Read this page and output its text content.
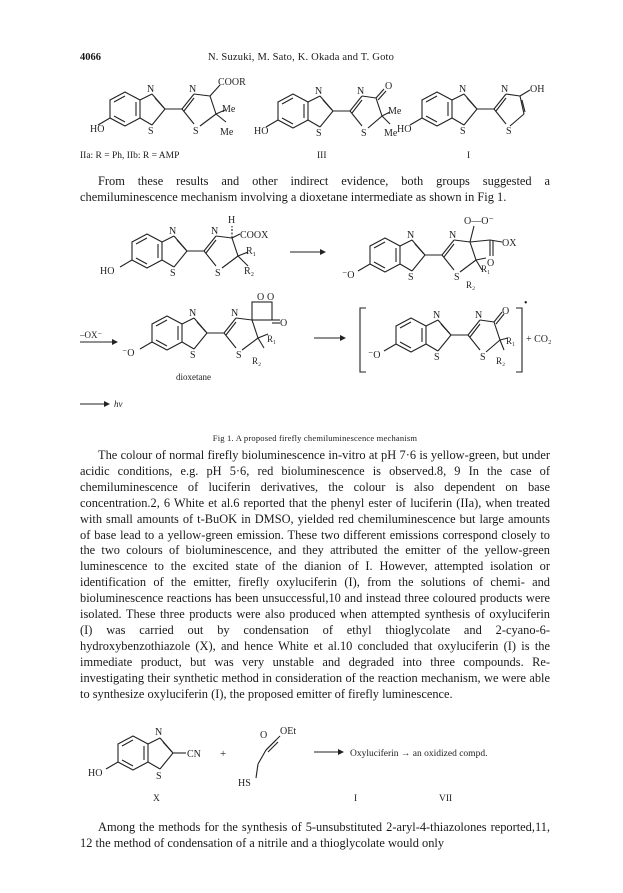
4066	N. Suzuki, M. Sato, K. Okada and T. Goto
HO
N
S
N
S
COOR
Me
Me HO
N
S
N
S
O
Me
Me HO
N
S
N
S
OH
IIa: R = Ph, IIb: R = AMP	III	I

From these results and other indirect evidence, both groups suggested a chemiluminescence mechanism involving a dioxetane intermediate as shown in Fig 1.

H
COOX
HO
N
S
N
S
R₁
R₂
O—O⁻
OX
O
⁻O
N
S
N
S
R₁
R₂
–OX⁻
O O
O
⁻O
N
S
N
S
R₁
R₂
dioxetane
O
⁻O
N
S
N
S
R₁
R₂
•
+ CO₂
hv
Fig 1. A proposed firefly chemiluminescence mechanism

The colour of normal firefly bioluminescence in-vitro at pH 7·6 is yellow-green, but under acidic conditions, e.g. pH 5·6, red bioluminescence is observed.8, 9 In the case of chemiluminescence of luciferin derivatives, the colour is also dependent on base concentration.2, 6 White et al.6 reported that the phenyl ester of luciferin (IIa), when treated with small amounts of t-BuOK in DMSO, yielded red chemiluminescence but large amounts of base lead to a yellow-green emission. These two different emissions correspond closely to the two colours of bioluminescence, and they attributed the emitter of the yellow-green luminescence to the excited state of the dianion of I. However, attempted isolation or identification of the emitter, firefly oxyluciferin (I), from the solutions of chemi- and bioluminescence reactions has been unsuccessful,10 and instead three coloured products were isolated. These three products were also produced when attempted synthesis of oxyluciferin (I) was carried out by condensation of ethyl thioglycolate and 2-cyano-6-hydroxybenzothiazole (X), and hence White et al.10 concluded that oxyluciferin (I) is the immediate product, but was very unstable and degraded into three compounds. Re-investigating their synthetic method in consideration of the reaction mechanism, we were able to synthesize oxyluciferin (I), the proposed emitter of firefly luminescence.

HO
N
S
CN +
O OEt
HS
Oxyluciferin → an oxidized compd.
X	I	VII

Among the methods for the synthesis of 5-unsubstituted 2-aryl-4-thiazolones reported,11, 12 the method of condensation of a nitrile and a thioglycolate would only
